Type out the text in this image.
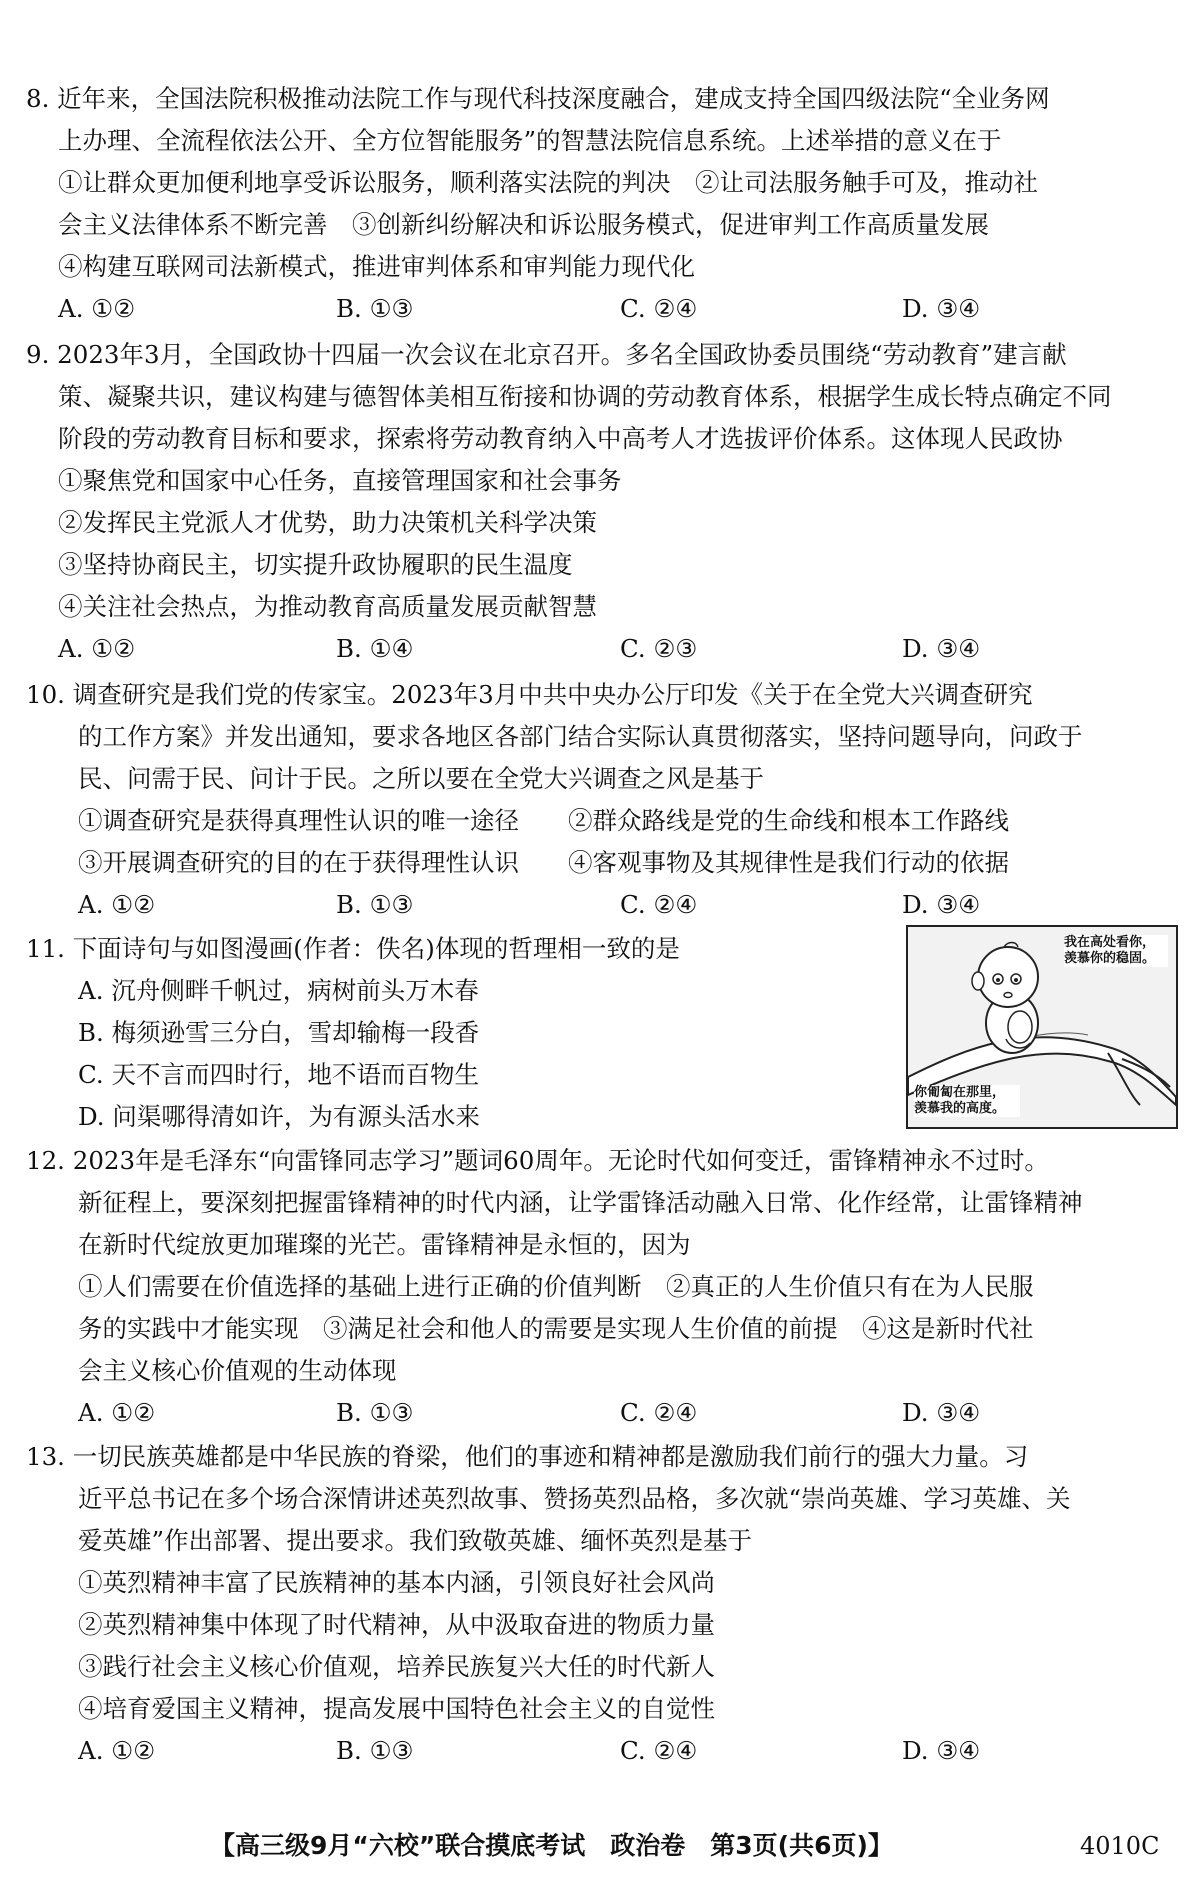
8. 近年来，全国法院积极推动法院工作与现代科技深度融合，建成支持全国四级法院“全业务网
上办理、全流程依法公开、全方位智能服务”的智慧法院信息系统。上述举措的意义在于
①让群众更加便利地享受诉讼服务，顺利落实法院的判决　②让司法服务触手可及，推动社
会主义法律体系不断完善　③创新纠纷解决和诉讼服务模式，促进审判工作高质量发展
④构建互联网司法新模式，推进审判体系和审判能力现代化
A. ①②	B. ①③	C. ②④	D. ③④
9. 2023年3月，全国政协十四届一次会议在北京召开。多名全国政协委员围绕“劳动教育”建言献
策、凝聚共识，建议构建与德智体美相互衔接和协调的劳动教育体系，根据学生成长特点确定不同
阶段的劳动教育目标和要求，探索将劳动教育纳入中高考人才选拔评价体系。这体现人民政协
①聚焦党和国家中心任务，直接管理国家和社会事务
②发挥民主党派人才优势，助力决策机关科学决策
③坚持协商民主，切实提升政协履职的民生温度
④关注社会热点，为推动教育高质量发展贡献智慧
A. ①②	B. ①④	C. ②③	D. ③④
10. 调查研究是我们党的传家宝。2023年3月中共中央办公厅印发《关于在全党大兴调查研究
的工作方案》并发出通知，要求各地区各部门结合实际认真贯彻落实，坚持问题导向，问政于
民、问需于民、问计于民。之所以要在全党大兴调查之风是基于
①调查研究是获得真理性认识的唯一途径　　②群众路线是党的生命线和根本工作路线
③开展调查研究的目的在于获得理性认识　　④客观事物及其规律性是我们行动的依据
A. ①②	B. ①③	C. ②④	D. ③④
11. 下面诗句与如图漫画(作者：佚名)体现的哲理相一致的是
A. 沉舟侧畔千帆过，病树前头万木春
B. 梅须逊雪三分白，雪却输梅一段香
C. 天不言而四时行，地不语而百物生
D. 问渠哪得清如许，为有源头活水来
我在高处看你，
羡慕你的稳固。
你匍匐在那里，
羡慕我的高度。
12. 2023年是毛泽东“向雷锋同志学习”题词60周年。无论时代如何变迁，雷锋精神永不过时。
新征程上，要深刻把握雷锋精神的时代内涵，让学雷锋活动融入日常、化作经常，让雷锋精神
在新时代绽放更加璀璨的光芒。雷锋精神是永恒的，因为
①人们需要在价值选择的基础上进行正确的价值判断　②真正的人生价值只有在为人民服
务的实践中才能实现　③满足社会和他人的需要是实现人生价值的前提　④这是新时代社
会主义核心价值观的生动体现
A. ①②	B. ①③	C. ②④	D. ③④
13. 一切民族英雄都是中华民族的脊梁，他们的事迹和精神都是激励我们前行的强大力量。习
近平总书记在多个场合深情讲述英烈故事、赞扬英烈品格，多次就“崇尚英雄、学习英雄、关
爱英雄”作出部署、提出要求。我们致敬英雄、缅怀英烈是基于
①英烈精神丰富了民族精神的基本内涵，引领良好社会风尚
②英烈精神集中体现了时代精神，从中汲取奋进的物质力量
③践行社会主义核心价值观，培养民族复兴大任的时代新人
④培育爱国主义精神，提高发展中国特色社会主义的自觉性
A. ①②	B. ①③	C. ②④	D. ③④
【高三级9月“六校”联合摸底考试　政治卷　第3页(共6页)】	4010C
